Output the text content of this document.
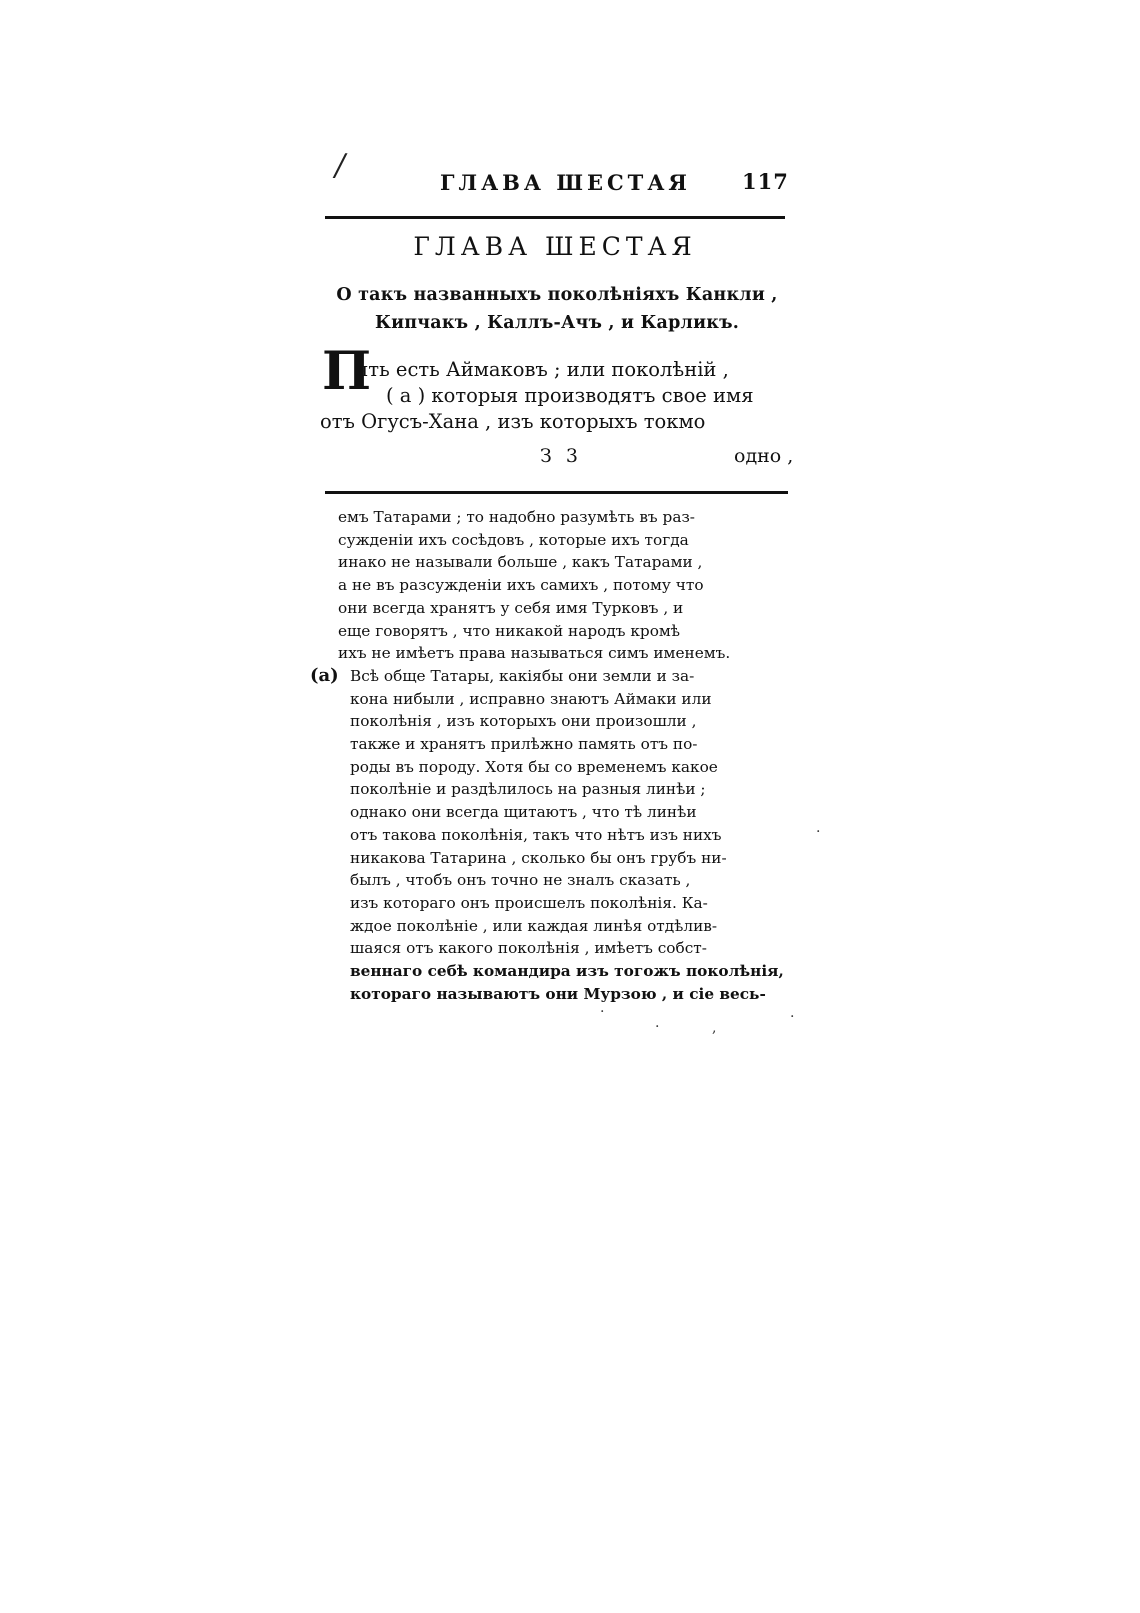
/	ГЛАВА ШЕСТАЯ 117
ГЛАВА ШЕСТАЯ
О такъ названныхъ поколѣніяхъ Канкли ,
Кипчакъ , Каллъ-Ачъ , и Карликъ.
П
ять есть Аймаковъ ; или поколѣній ,
( а ) которыя производятъ свое имя
отъ Огусъ-Хана , изъ которыхъ токмо
З 3	одно ,
емъ Татарами ; то надобно разумѣть въ раз-
сужденіи ихъ сосѣдовъ , которые ихъ тогда
инако не называли больше , какъ Татарами ,
а не въ разсужденіи ихъ самихъ , потому что
они всегда хранятъ у себя имя Турковъ , и
еще говорятъ , что никакой народъ кромѣ
ихъ не имѣетъ права называться симъ именемъ.
(а) Всѣ обще Татары, какіябы они земли и за-
кона нибыли , исправно знаютъ Аймаки или
поколѣнія , изъ которыхъ они произошли ,
также и хранятъ прилѣжно память отъ по-
роды въ породу. Хотя бы со временемъ какое
поколѣніе и раздѣлилось на разныя линѣи ;
однако они всегда щитаютъ , что тѣ линѣи
отъ такова поколѣнія, такъ что нѣтъ изъ нихъ
никакова Татарина , сколько бы онъ грубъ ни-
былъ , чтобъ онъ точно не зналъ сказать ,
изъ котораго онъ происшелъ поколѣнія. Ка-
ждое поколѣніе , или каждая линѣя отдѣлив-
шаяся отъ какого поколѣнія , имѣетъ собст-
веннаго себѣ командира изъ тогожъ поколѣнія,
котораго называютъ они Мурзою , и сіе весь-
.
.
.	,
.
